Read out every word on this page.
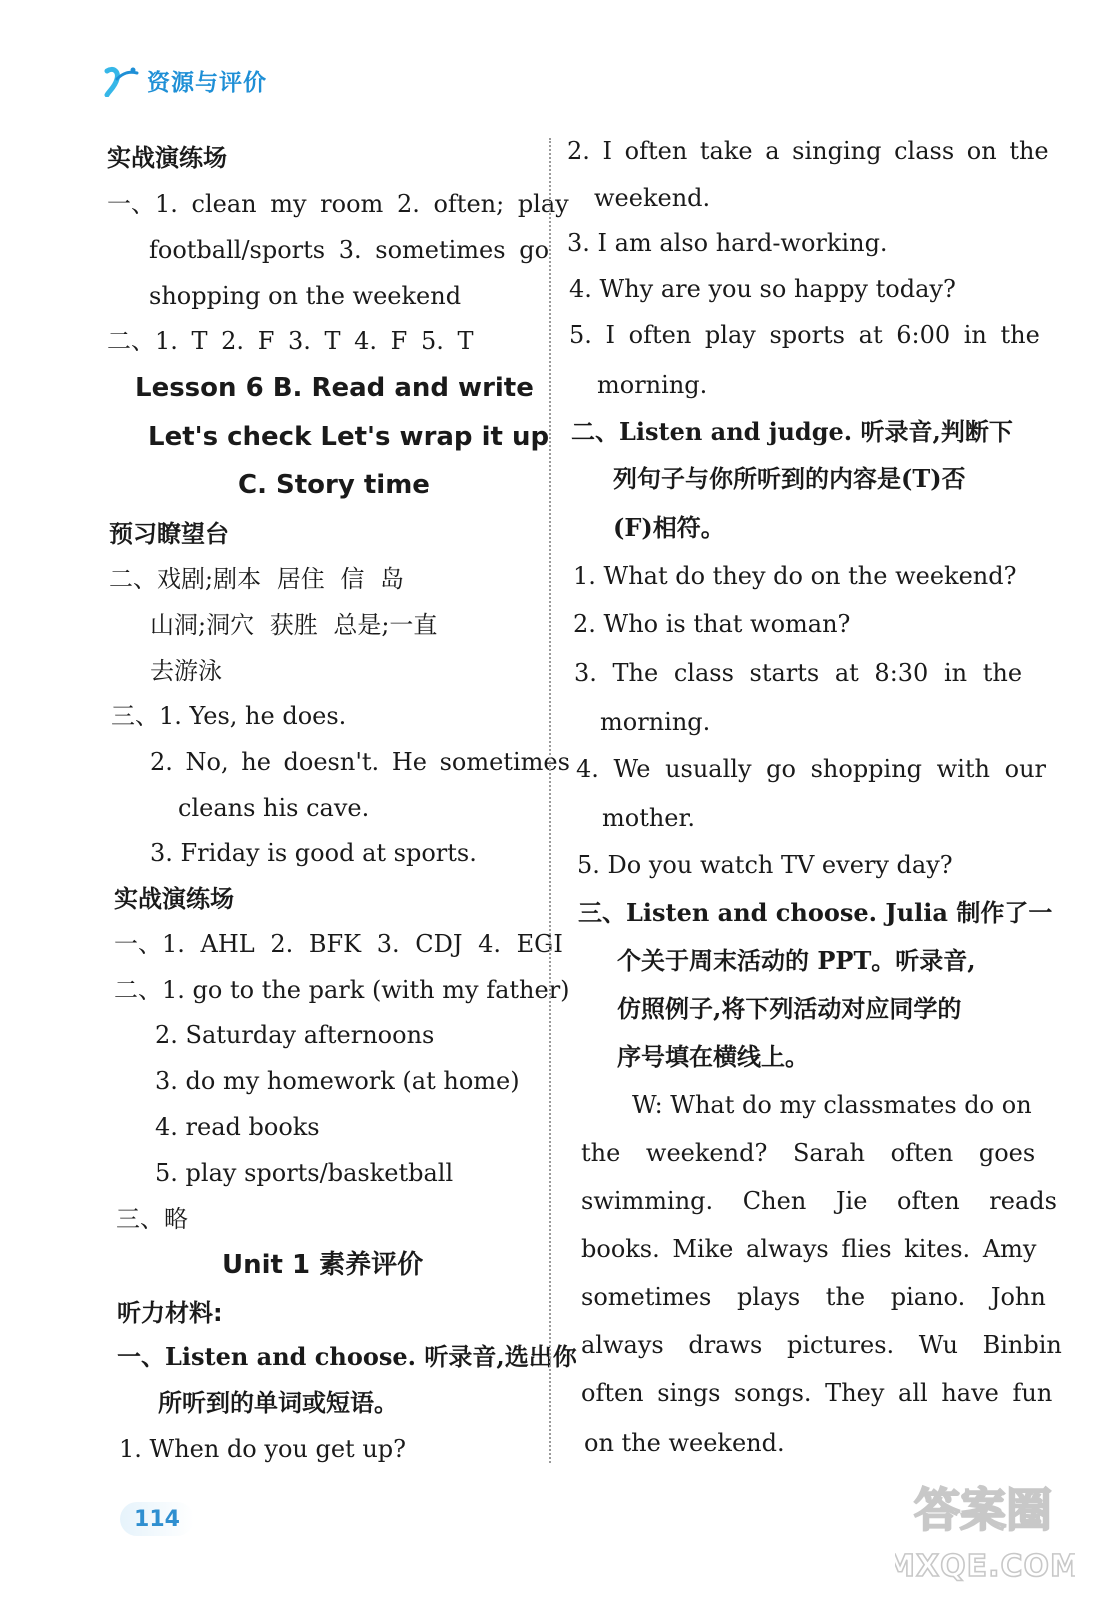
资源与评价
实战演练场
一、1. clean my room 2. often; play
football/sports 3. sometimes go
shopping on the weekend
二、1. T 2. F 3. T 4. F 5. T
Lesson 6 B. Read and write
Let's check Let's wrap it up
C. Story time
预习瞭望台
二、戏剧;剧本 居住 信 岛
山洞;洞穴 获胜 总是;一直
去游泳
三、1. Yes, he does.
2. No, he doesn't. He sometimes
cleans his cave.
3. Friday is good at sports.
实战演练场
一、1. AHL 2. BFK 3. CDJ 4. EGI
二、1. go to the park (with my father)
2. Saturday afternoons
3. do my homework (at home)
4. read books
5. play sports/basketball
三、略
Unit 1 素养评价
听力材料:
一、Listen and choose. 听录音,选出你
所听到的单词或短语。
1. When do you get up?
2. I often take a singing class on the
weekend.
3. I am also hard-working.
4. Why are you so happy today?
5. I often play sports at 6:00 in the
morning.
二、Listen and judge. 听录音,判断下
列句子与你所听到的内容是(T)否
(F)相符。
1. What do they do on the weekend?
2. Who is that woman?
3. The class starts at 8:30 in the
morning.
4. We usually go shopping with our
mother.
5. Do you watch TV every day?
三、Listen and choose. Julia 制作了一
个关于周末活动的 PPT。听录音,
仿照例子,将下列活动对应同学的
序号填在横线上。
W: What do my classmates do on
the weekend? Sarah often goes
swimming. Chen Jie often reads
books. Mike always flies kites. Amy
sometimes plays the piano. John
always draws pictures. Wu Binbin
often sings songs. They all have fun
on the weekend.
114	答案圈
MXQE.COM
